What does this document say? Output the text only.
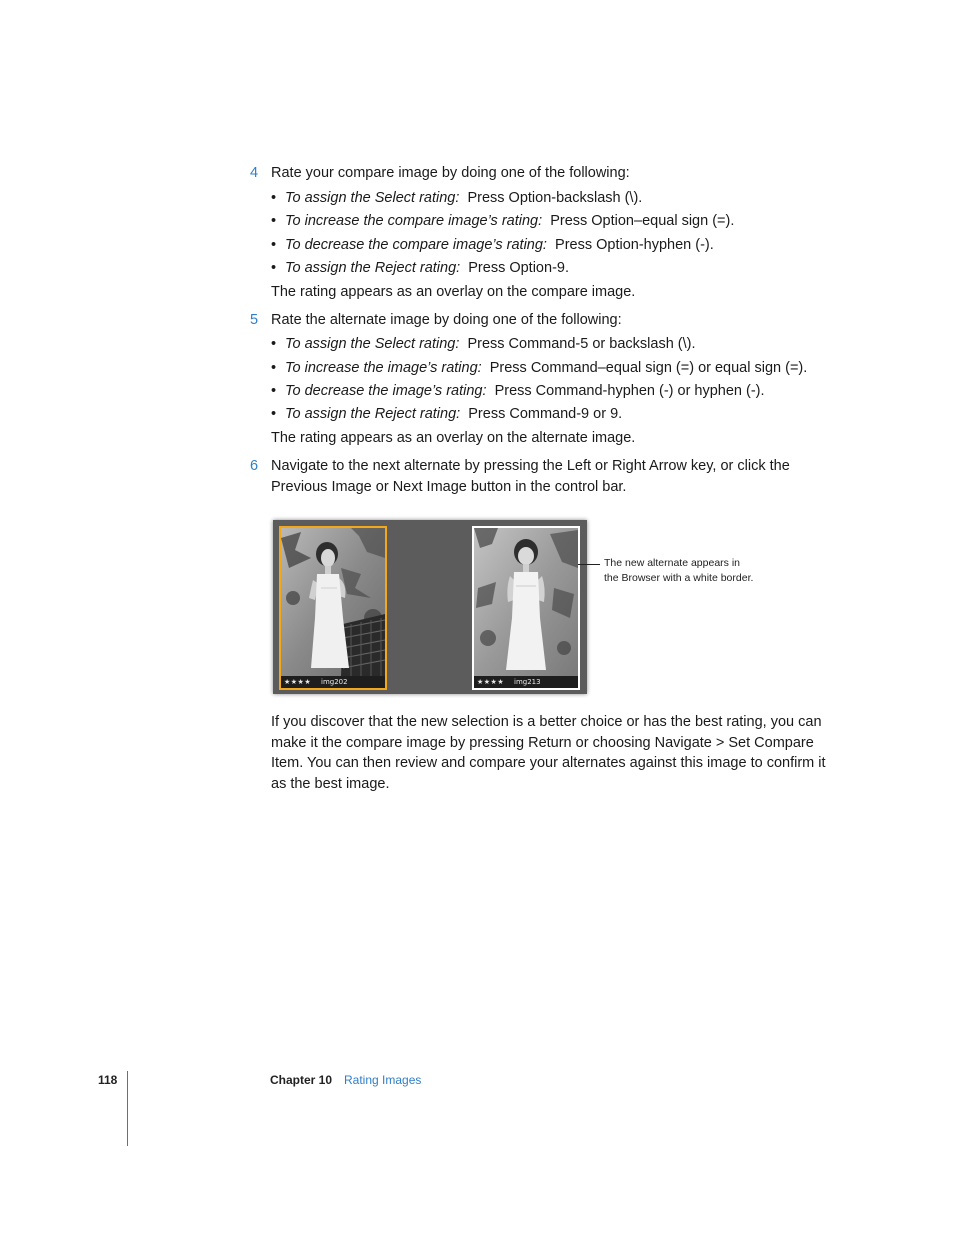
4 Rate your compare image by doing one of the following:
• To assign the Select rating: Press Option-backslash (\).
• To increase the compare image’s rating: Press Option–equal sign (=).
• To decrease the compare image’s rating: Press Option-hyphen (-).
• To assign the Reject rating: Press Option-9.
The rating appears as an overlay on the compare image.
5 Rate the alternate image by doing one of the following:
• To assign the Select rating: Press Command-5 or backslash (\).
• To increase the image’s rating: Press Command–equal sign (=) or equal sign (=).
• To decrease the image’s rating: Press Command-hyphen (-) or hyphen (-).
• To assign the Reject rating: Press Command-9 or 9.
The rating appears as an overlay on the alternate image.
6 Navigate to the next alternate by pressing the Left or Right Arrow key, or click the Previous Image or Next Image button in the control bar.
★★★★ img202	★★★★ img213
The new alternate appears in the Browser with a white border.
If you discover that the new selection is a better choice or has the best rating, you can make it the compare image by pressing Return or choosing Navigate > Set Compare Item. You can then review and compare your alternates against this image to confirm it as the best image.
118	Chapter 10 Rating Images
